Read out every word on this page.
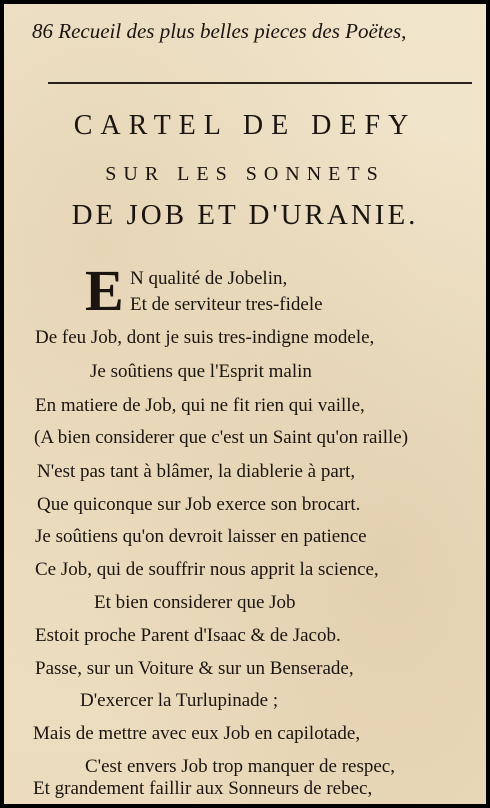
86 Recueil des plus belles pieces des Poëtes,
CARTEL DE DEFY
SUR LES SONNETS
DE JOB ET D'URANIE.
E N qualité de Jobelin,
Et de serviteur tres-fidele
De feu Job, dont je suis tres-indigne modele,
Je soûtiens que l'Esprit malin
En matiere de Job, qui ne fit rien qui vaille,
(A bien considerer que c'est un Saint qu'on raille)
N'est pas tant à blâmer, la diablerie à part,
Que quiconque sur Job exerce son brocart.
Je soûtiens qu'on devroit laisser en patience
Ce Job, qui de souffrir nous apprit la science,
Et bien considerer que Job
Estoit proche Parent d'Isaac & de Jacob.
Passe, sur un Voiture & sur un Benserade,
D'exercer la Turlupinade ;
Mais de mettre avec eux Job en capilotade,
C'est envers Job trop manquer de respec,
Et grandement faillir aux Sonneurs de rebec,
